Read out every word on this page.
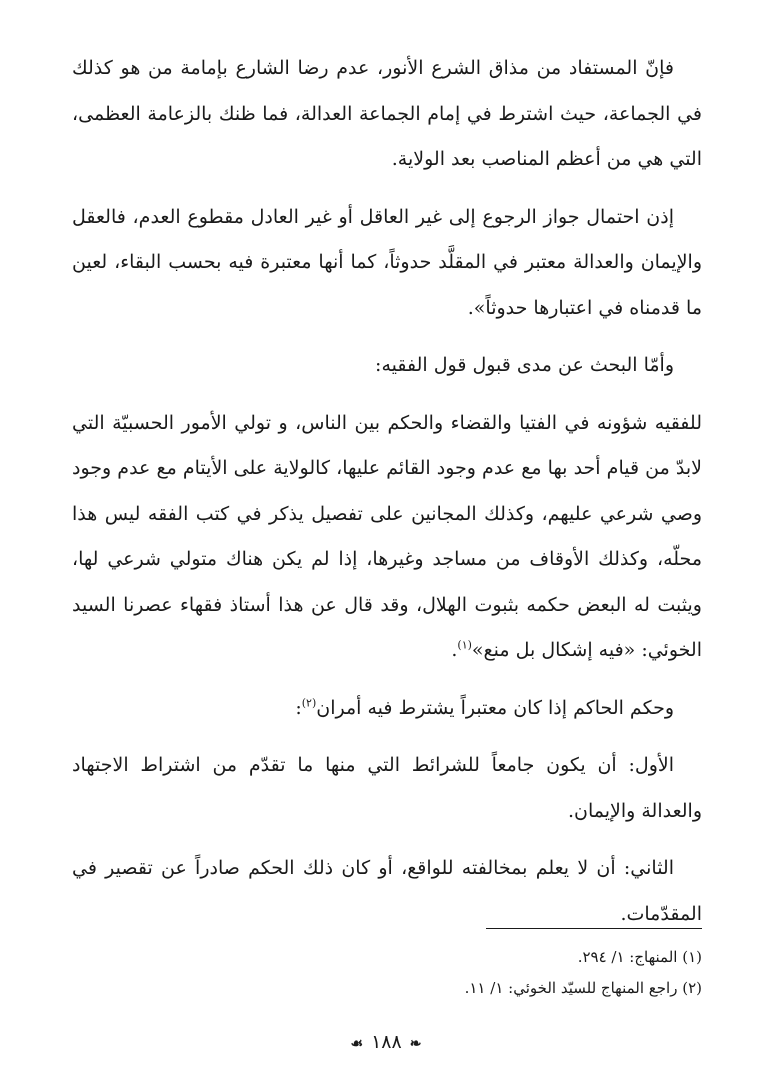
فإنّ المستفاد من مذاق الشرع الأنور، عدم رضا الشارع بإمامة من هو كذلك في الجماعة، حيث اشترط في إمام الجماعة العدالة، فما ظنك بالزعامة العظمى، التي هي من أعظم المناصب بعد الولاية.

إذن احتمال جواز الرجوع إلى غير العاقل أو غير العادل مقطوع العدم، فالعقل والإيمان والعدالة معتبر في المقلَّد حدوثاً، كما أنها معتبرة فيه بحسب البقاء، لعين ما قدمناه في اعتبارها حدوثاً».

وأمّا البحث عن مدى قبول قول الفقيه:

للفقيه شؤونه في الفتيا والقضاء والحكم بين الناس، و تولي الأمور الحسبيّة التي لابدّ من قيام أحد بها مع عدم وجود القائم عليها، كالولاية على الأيتام مع عدم وجود وصي شرعي عليهم، وكذلك المجانين على تفصيل يذكر في كتب الفقه ليس هذا محلّه، وكذلك الأوقاف من مساجد وغيرها، إذا لم يكن هناك متولي شرعي لها، ويثبت له البعض حكمه بثبوت الهلال، وقد قال عن هذا أستاذ فقهاء عصرنا السيد الخوئي: «فيه إشكال بل منع»$^{(١)}$.

وحكم الحاكم إذا كان معتبراً يشترط فيه أمران$^{(٢)}$:

الأول: أن يكون جامعاً للشرائط التي منها ما تقدّم من اشتراط الاجتهاد والعدالة والإيمان.

الثاني: أن لا يعلم بمخالفته للواقع، أو كان ذلك الحكم صادراً عن تقصير في المقدّمات.

(١) المنهاج: ١/ ٢٩٤.

(٢) راجع المنهاج للسيّد الخوئي: ١/ ١١.

❧١٨٨☙
